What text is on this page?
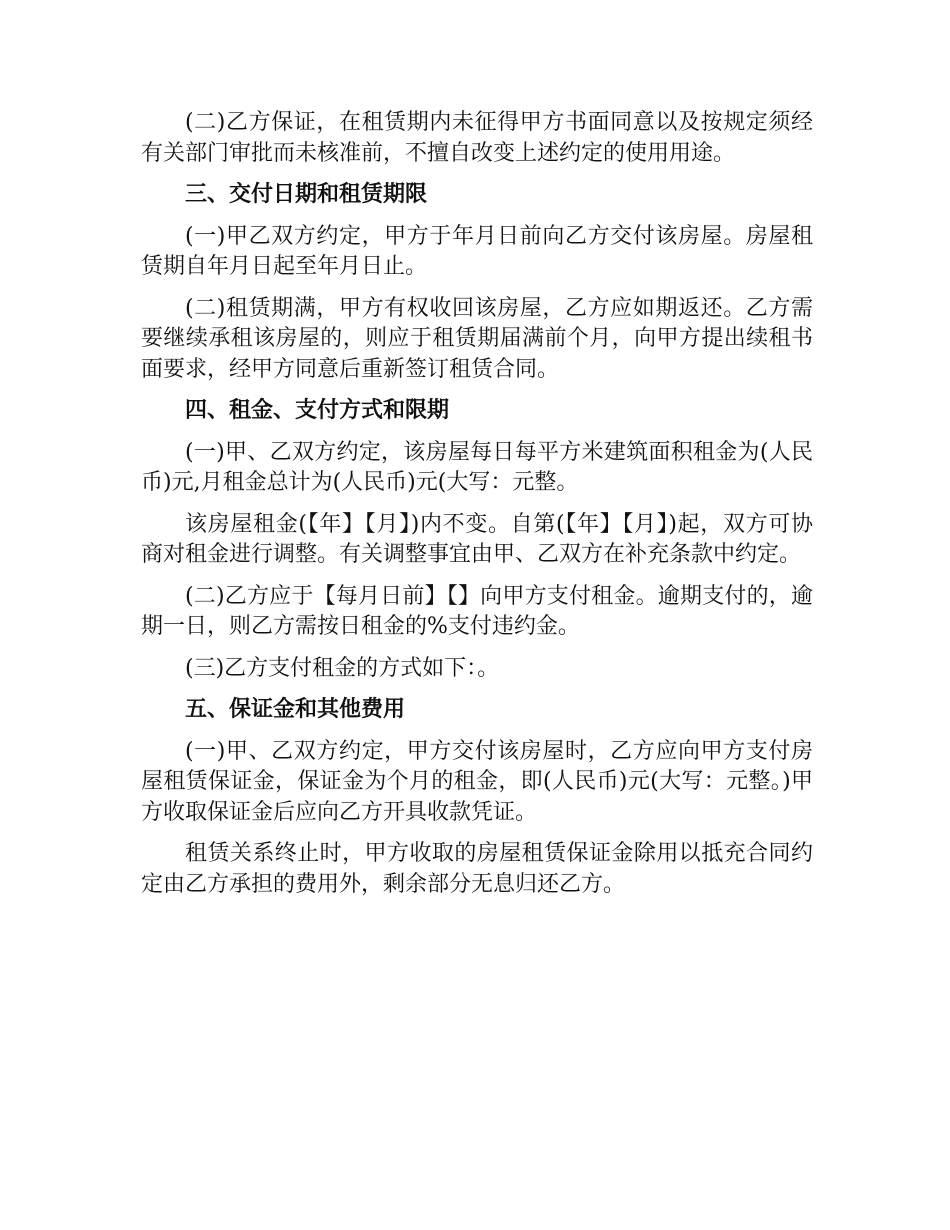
(二)乙方保证，在租赁期内未征得甲方书面同意以及按规定须经有关部门审批而未核准前，不擅自改变上述约定的使用用途。

三、交付日期和租赁期限

(一)甲乙双方约定，甲方于年月日前向乙方交付该房屋。房屋租赁期自年月日起至年月日止。

(二)租赁期满，甲方有权收回该房屋，乙方应如期返还。乙方需要继续承租该房屋的，则应于租赁期届满前个月，向甲方提出续租书面要求，经甲方同意后重新签订租赁合同。

四、租金、支付方式和限期

(一)甲、乙双方约定，该房屋每日每平方米建筑面积租金为(人民币)元,月租金总计为(人民币)元(大写：元整。

该房屋租金(【年】【月】)内不变。自第(【年】【月】)起，双方可协商对租金进行调整。有关调整事宜由甲、乙双方在补充条款中约定。

(二)乙方应于【每月日前】【】向甲方支付租金。逾期支付的，逾期一日，则乙方需按日租金的%支付违约金。

(三)乙方支付租金的方式如下：。

五、保证金和其他费用

(一)甲、乙双方约定，甲方交付该房屋时，乙方应向甲方支付房屋租赁保证金，保证金为个月的租金，即(人民币)元(大写：元整。)甲方收取保证金后应向乙方开具收款凭证。

租赁关系终止时，甲方收取的房屋租赁保证金除用以抵充合同约定由乙方承担的费用外，剩余部分无息归还乙方。
